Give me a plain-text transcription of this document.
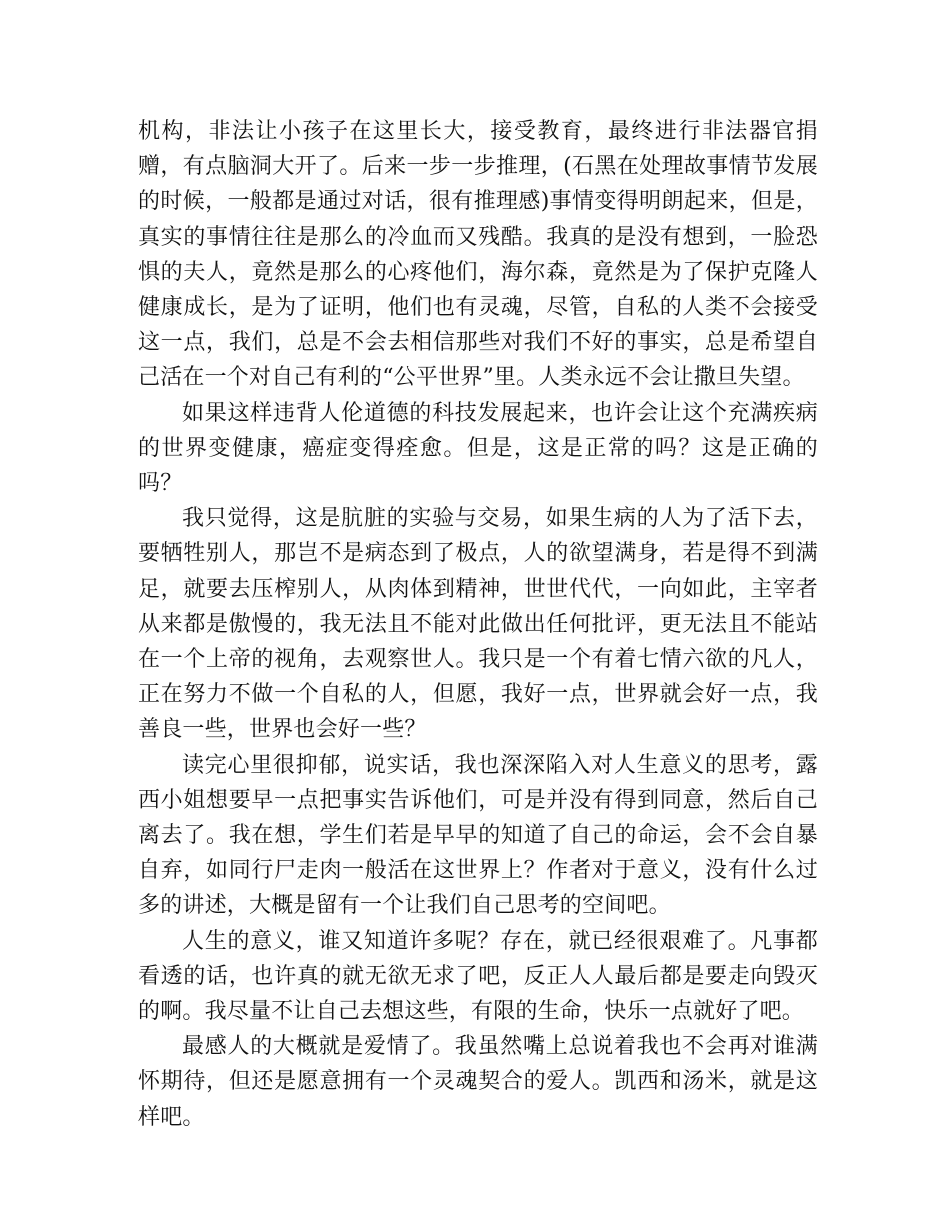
机构，非法让小孩子在这里长大，接受教育，最终进行非法器官捐赠，有点脑洞大开了。后来一步一步推理，(石黑在处理故事情节发展的时候，一般都是通过对话，很有推理感)事情变得明朗起来，但是，真实的事情往往是那么的冷血而又残酷。我真的是没有想到，一脸恐惧的夫人，竟然是那么的心疼他们，海尔森，竟然是为了保护克隆人健康成长，是为了证明，他们也有灵魂，尽管，自私的人类不会接受这一点，我们，总是不会去相信那些对我们不好的事实，总是希望自己活在一个对自己有利的“公平世界”里。人类永远不会让撒旦失望。

如果这样违背人伦道德的科技发展起来，也许会让这个充满疾病的世界变健康，癌症变得痊愈。但是，这是正常的吗？这是正确的吗？

我只觉得，这是肮脏的实验与交易，如果生病的人为了活下去，要牺牲别人，那岂不是病态到了极点，人的欲望满身，若是得不到满足，就要去压榨别人，从肉体到精神，世世代代，一向如此，主宰者从来都是傲慢的，我无法且不能对此做出任何批评，更无法且不能站在一个上帝的视角，去观察世人。我只是一个有着七情六欲的凡人，正在努力不做一个自私的人，但愿，我好一点，世界就会好一点，我善良一些，世界也会好一些？

读完心里很抑郁，说实话，我也深深陷入对人生意义的思考，露西小姐想要早一点把事实告诉他们，可是并没有得到同意，然后自己离去了。我在想，学生们若是早早的知道了自己的命运，会不会自暴自弃，如同行尸走肉一般活在这世界上？作者对于意义，没有什么过多的讲述，大概是留有一个让我们自己思考的空间吧。

人生的意义，谁又知道许多呢？存在，就已经很艰难了。凡事都看透的话，也许真的就无欲无求了吧，反正人人最后都是要走向毁灭的啊。我尽量不让自己去想这些，有限的生命，快乐一点就好了吧。

最感人的大概就是爱情了。我虽然嘴上总说着我也不会再对谁满怀期待，但还是愿意拥有一个灵魂契合的爱人。凯西和汤米，就是这样吧。
